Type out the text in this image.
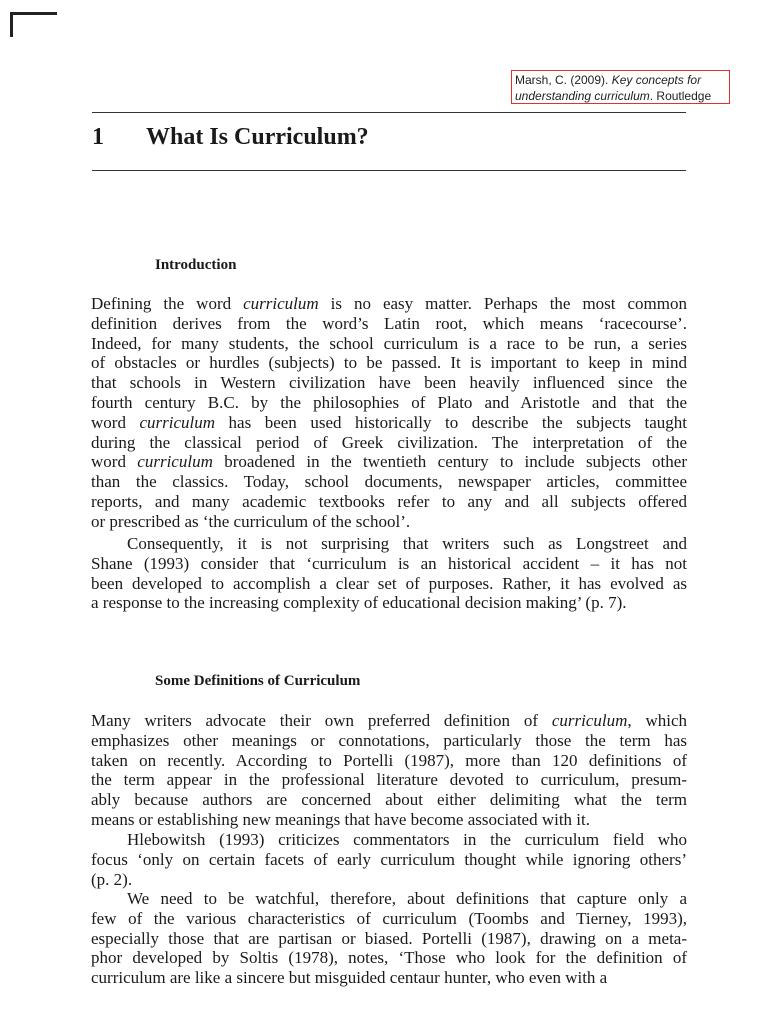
Marsh, C. (2009). Key concepts for understanding curriculum. Routledge
1 What Is Curriculum?
Introduction
Some Definitions of Curriculum
Defining the word curriculum is no easy matter. Perhaps the most common
definition derives from the word’s Latin root, which means ‘racecourse’.
Indeed, for many students, the school curriculum is a race to be run, a series
of obstacles or hurdles (subjects) to be passed. It is important to keep in mind
that schools in Western civilization have been heavily influenced since the
fourth century B.C. by the philosophies of Plato and Aristotle and that the
word curriculum has been used historically to describe the subjects taught
during the classical period of Greek civilization. The interpretation of the
word curriculum broadened in the twentieth century to include subjects other
than the classics. Today, school documents, newspaper articles, committee
reports, and many academic textbooks refer to any and all subjects offered
or prescribed as ‘the curriculum of the school’.
Consequently, it is not surprising that writers such as Longstreet and
Shane (1993) consider that ‘curriculum is an historical accident – it has not
been developed to accomplish a clear set of purposes. Rather, it has evolved as
a response to the increasing complexity of educational decision making’ (p. 7).
Many writers advocate their own preferred definition of curriculum, which
emphasizes other meanings or connotations, particularly those the term has
taken on recently. According to Portelli (1987), more than 120 definitions of
the term appear in the professional literature devoted to curriculum, presum-
ably because authors are concerned about either delimiting what the term
means or establishing new meanings that have become associated with it.
Hlebowitsh (1993) criticizes commentators in the curriculum field who
focus ‘only on certain facets of early curriculum thought while ignoring others’
(p. 2).
We need to be watchful, therefore, about definitions that capture only a
few of the various characteristics of curriculum (Toombs and Tierney, 1993),
especially those that are partisan or biased. Portelli (1987), drawing on a meta-
phor developed by Soltis (1978), notes, ‘Those who look for the definition of
curriculum are like a sincere but misguided centaur hunter, who even with a
